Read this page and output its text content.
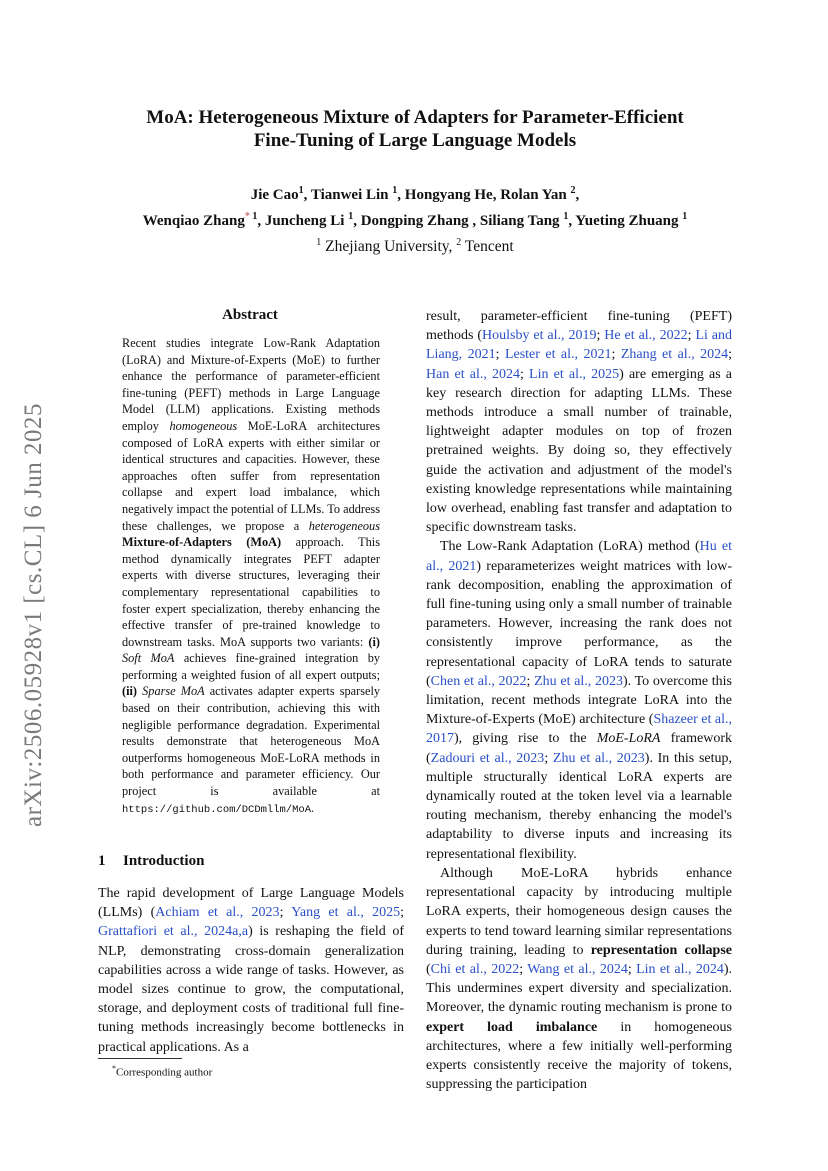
arXiv:2506.05928v1 [cs.CL] 6 Jun 2025
MoA: Heterogeneous Mixture of Adapters for Parameter-Efficient
Fine-Tuning of Large Language Models
Jie Cao$^1$, Tianwei Lin $^1$, Hongyang He, Rolan Yan $^2$,
Wenqiao Zhang$^{* 1}$, Juncheng Li $^1$, Dongping Zhang , Siliang Tang $^1$, Yueting Zhuang $^1$
$^1$ Zhejiang University, $^2$ Tencent
Abstract
Recent studies integrate Low-Rank Adaptation (LoRA) and Mixture-of-Experts (MoE) to further enhance the performance of parameter-efficient fine-tuning (PEFT) methods in Large Language Model (LLM) applications. Existing methods employ homogeneous MoE-LoRA architectures composed of LoRA experts with either similar or identical structures and capacities. However, these approaches often suffer from representation collapse and expert load imbalance, which negatively impact the potential of LLMs. To address these challenges, we propose a heterogeneous Mixture-of-Adapters (MoA) approach. This method dynamically integrates PEFT adapter experts with diverse structures, leveraging their complementary representational capabilities to foster expert specialization, thereby enhancing the effective transfer of pre-trained knowledge to downstream tasks. MoA supports two variants: (i) Soft MoA achieves fine-grained integration by performing a weighted fusion of all expert outputs; (ii) Sparse MoA activates adapter experts sparsely based on their contribution, achieving this with negligible performance degradation. Experimental results demonstrate that heterogeneous MoA outperforms homogeneous MoE-LoRA methods in both performance and parameter efficiency. Our project is available at https://github.com/DCDmllm/MoA.
1 Introduction
The rapid development of Large Language Models (LLMs) (Achiam et al., 2023; Yang et al., 2025; Grattafiori et al., 2024a,a) is reshaping the field of NLP, demonstrating cross-domain generalization capabilities across a wide range of tasks. However, as model sizes continue to grow, the computational, storage, and deployment costs of traditional full fine-tuning methods increasingly become bottlenecks in practical applications. As a

result, parameter-efficient fine-tuning (PEFT) methods (Houlsby et al., 2019; He et al., 2022; Li and Liang, 2021; Lester et al., 2021; Zhang et al., 2024; Han et al., 2024; Lin et al., 2025) are emerging as a key research direction for adapting LLMs. These methods introduce a small number of trainable, lightweight adapter modules on top of frozen pretrained weights. By doing so, they effectively guide the activation and adjustment of the model's existing knowledge representations while maintaining low overhead, enabling fast transfer and adaptation to specific downstream tasks.

The Low-Rank Adaptation (LoRA) method (Hu et al., 2021) reparameterizes weight matrices with low-rank decomposition, enabling the approximation of full fine-tuning using only a small number of trainable parameters. However, increasing the rank does not consistently improve performance, as the representational capacity of LoRA tends to saturate (Chen et al., 2022; Zhu et al., 2023). To overcome this limitation, recent methods integrate LoRA into the Mixture-of-Experts (MoE) architecture (Shazeer et al., 2017), giving rise to the MoE-LoRA framework (Zadouri et al., 2023; Zhu et al., 2023). In this setup, multiple structurally identical LoRA experts are dynamically routed at the token level via a learnable routing mechanism, thereby enhancing the model's adaptability to diverse inputs and increasing its representational flexibility.

Although MoE-LoRA hybrids enhance representational capacity by introducing multiple LoRA experts, their homogeneous design causes the experts to tend toward learning similar representations during training, leading to representation collapse (Chi et al., 2022; Wang et al., 2024; Lin et al., 2024). This undermines expert diversity and specialization. Moreover, the dynamic routing mechanism is prone to expert load imbalance in homogeneous architectures, where a few initially well-performing experts consistently receive the majority of tokens, suppressing the participation

*Corresponding author
